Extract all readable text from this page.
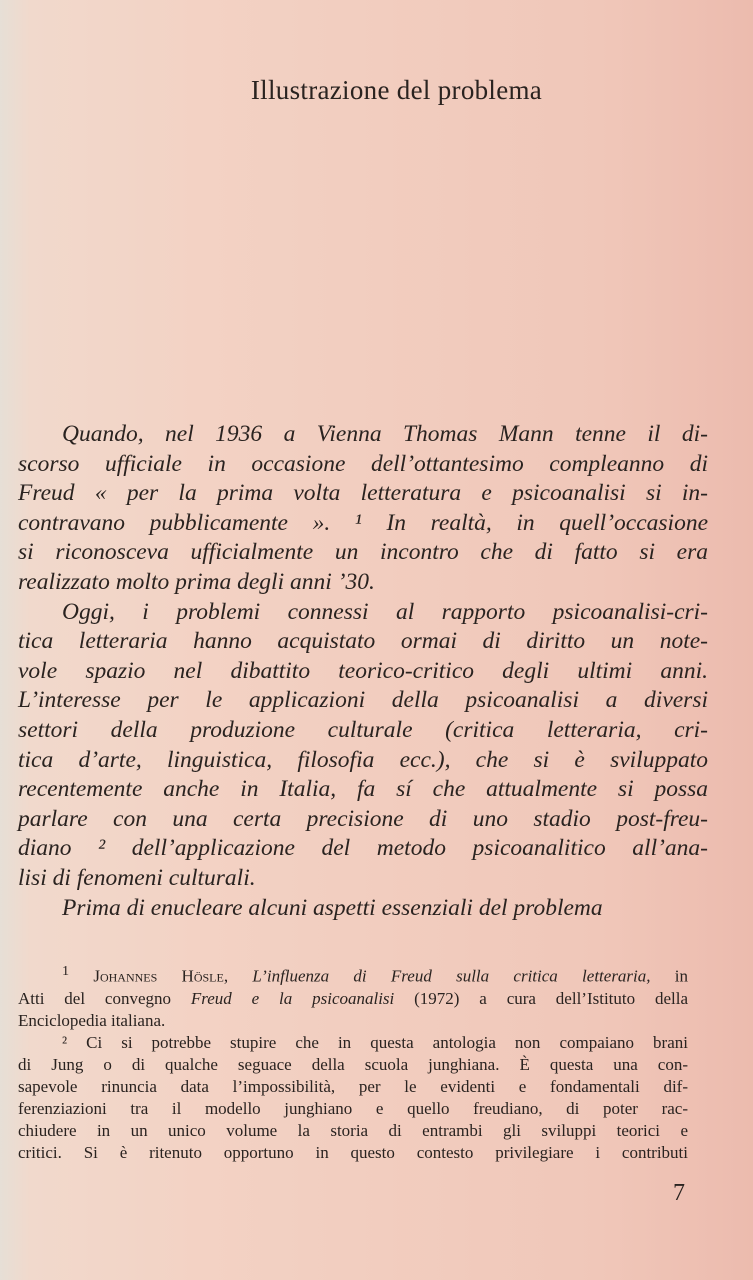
Illustrazione del problema
Quando, nel 1936 a Vienna Thomas Mann tenne il di-
scorso ufficiale in occasione dell’ottantesimo compleanno di
Freud « per la prima volta letteratura e psicoanalisi si in-
contravano pubblicamente ». ¹ In realtà, in quell’occasione
si riconosceva ufficialmente un incontro che di fatto si era
realizzato molto prima degli anni ’30.
Oggi, i problemi connessi al rapporto psicoanalisi-cri-
tica letteraria hanno acquistato ormai di diritto un note-
vole spazio nel dibattito teorico-critico degli ultimi anni.
L’interesse per le applicazioni della psicoanalisi a diversi
settori della produzione culturale (critica letteraria, cri-
tica d’arte, linguistica, filosofia ecc.), che si è sviluppato
recentemente anche in Italia, fa sí che attualmente si possa
parlare con una certa precisione di uno stadio post-freu-
diano ² dell’applicazione del metodo psicoanalitico all’ana-
lisi di fenomeni culturali.
Prima di enucleare alcuni aspetti essenziali del problema
$^1$ Johannes Hösle, L’influenza di Freud sulla critica letteraria, in
Atti del convegno Freud e la psicoanalisi (1972) a cura dell’Istituto della
Enciclopedia italiana.
² Ci si potrebbe stupire che in questa antologia non compaiano brani
di Jung o di qualche seguace della scuola junghiana. È questa una con-
sapevole rinuncia data l’impossibilità, per le evidenti e fondamentali dif-
ferenziazioni tra il modello junghiano e quello freudiano, di poter rac-
chiudere in un unico volume la storia di entrambi gli sviluppi teorici e
critici. Si è ritenuto opportuno in questo contesto privilegiare i contributi
7
